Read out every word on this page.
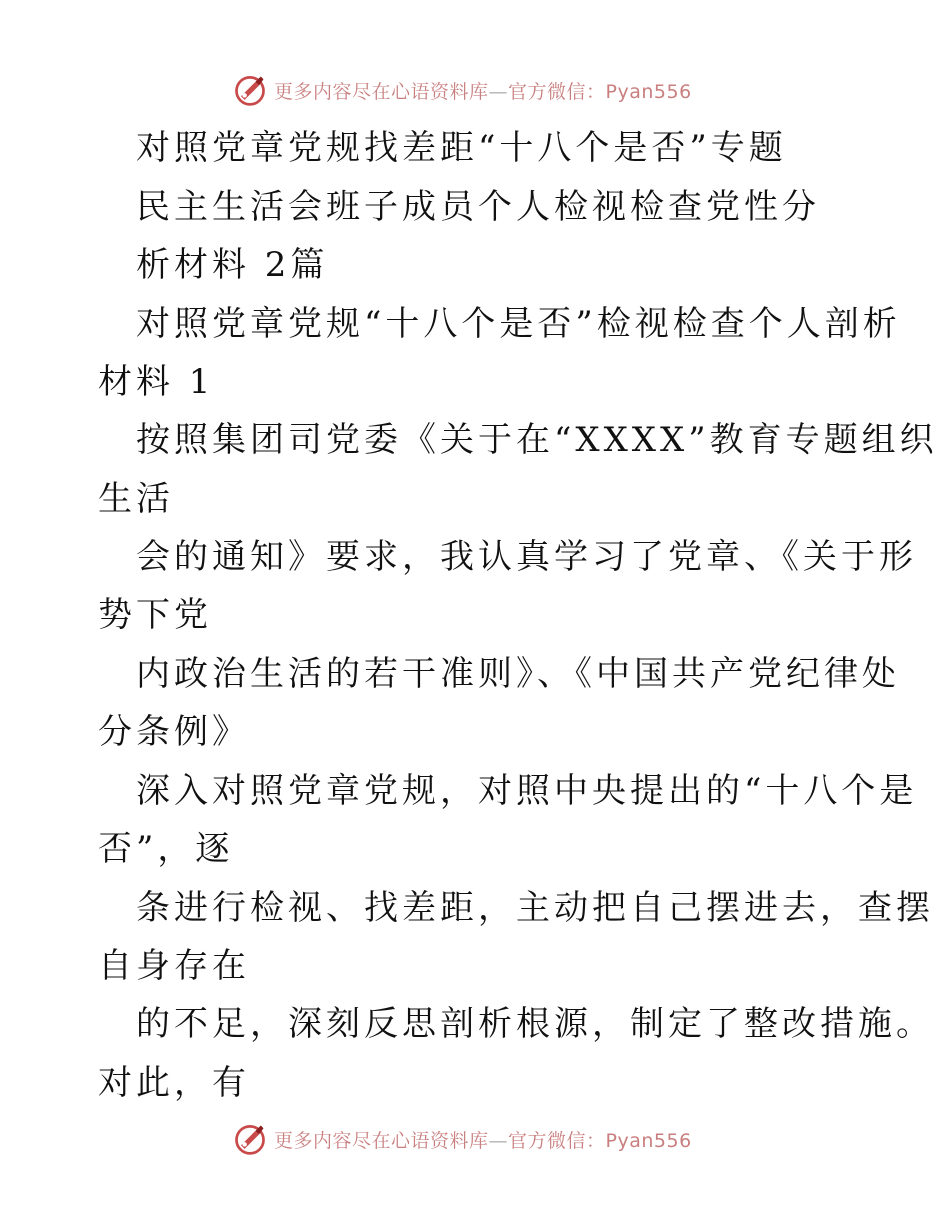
更多内容尽在心语资料库—官方微信：Pyan556
对照党章党规找差距“十八个是否”专题
民主生活会班子成员个人检视检查党性分
析材料 2篇
对照党章党规“十八个是否”检视检查个人剖析
材料 1
按照集团司党委《关于在“XXXX”教育专题组织
生活
会的通知》要求，我认真学习了党章、《关于形
势下党
内政治生活的若干准则》、《中国共产党纪律处
分条例》
深入对照党章党规，对照中央提出的“十八个是
否”，逐
条进行检视、找差距，主动把自己摆进去，查摆
自身存在
的不足，深刻反思剖析根源，制定了整改措施。
对此，有
更多内容尽在心语资料库—官方微信：Pyan556
